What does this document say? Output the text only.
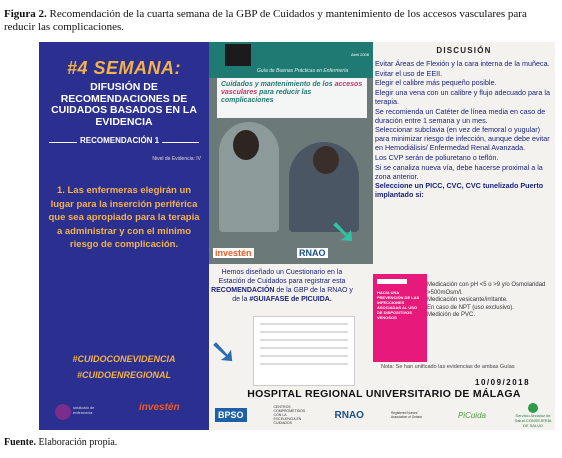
Figura 2. Recomendación de la cuarta semana de la GBP de Cuidados y mantenimiento de los accesos vasculares para reducir las complicaciones.
#4 SEMANA:
DIFUSIÓN DE RECOMENDACIONES DE CUIDADOS BASADOS EN LA EVIDENCIA
RECOMENDACIÓN 1
Nivel de Evidencia: IV
1. Las enfermeras elegirán un lugar para la inserción periférica que sea apropiado para la terapia a administrar y con el mínimo riesgo de complicación.
#CUIDOCONEVIDENCIA
#CUIDOENREGIONAL
sindicato de enfermería	investén
Abril 2008
Guía de Buenas Prácticas en Enfermería
Cuidados y mantenimiento de los accesos vasculares para reducir las complicaciones
investén	RNAO
DISCUSIÓN

Evitar Áreas de Flexión y la cara interna de la muñeca.

Evitar el uso de EEII.

Elegir el calibre más pequeño posible.

Elegir una vena con un calibre y flujo adecuado para la terapia.

Se recomienda un Catéter de línea media en caso de duración entre 1 semana y un mes.

Seleccionar subclavia (en vez de femoral o yugular) para minimizar riesgo de infección, aunque debe evitar en Hemodiálisis/ Enfermedad Renal Avanzada.

Los CVP serán de poliuretano o teflón.

Si se canaliza nueva vía, debe hacerse proximal a la zona anterior.

Seleccione un PICC, CVC, CVC tunelizado Puerto implantado si:

➘
Hemos diseñado un Cuestionario en la Estación de Cuidados para registrar esta RECOMENDACIÓN de la GBP de la RNAO y de la #GUIAFASE de PICUIDA.
➘
HACIA UNA PREVENCIÓN DE LAS INFECCIONES ASOCIADAS AL USO DE DISPOSITIVOS VENOSOS
Medicación con pH <5 o >9 y/o Osmolaridad >500mOsm/l.
Medicación vesicante/irritante.
En caso de NPT (uso exclusivo).
Medición de PVC.
Nota: Se han unificado las evidencias de ambas Guías
10/09/2018
HOSPITAL REGIONAL UNIVERSITARIO DE MÁLAGA
BPSO
CENTROS COMPROMETIDOS CON LA EXCELENCIA EN CUIDADOS
RNAO	Registered Nurses' Association of Ontario	PiCuida	Servicio Andaluz de Salud CONSEJERÍA DE SALUD
Fuente. Elaboración propia.
